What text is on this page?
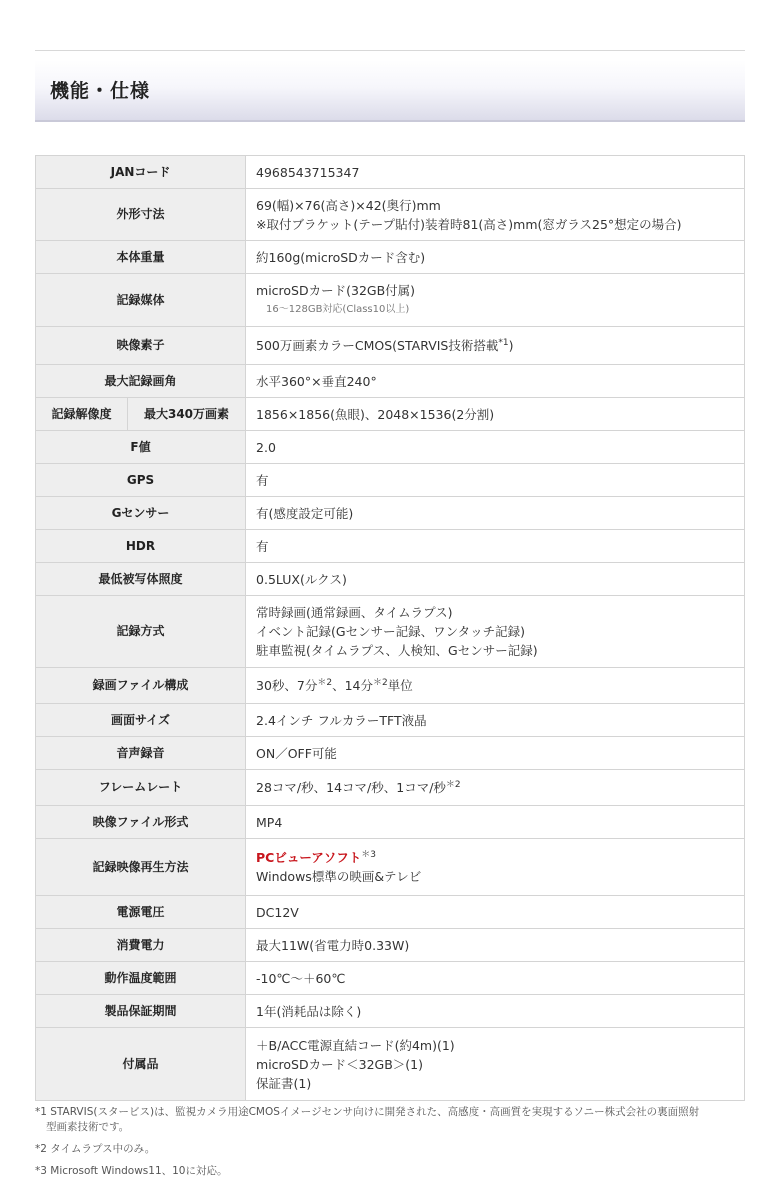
機能・仕様
JANコード		4968543715347
外形寸法		69(幅)×76(高さ)×42(奥行)mm
※取付ブラケット(テープ貼付)装着時81(高さ)mm(窓ガラス25°想定の場合)

本体重量		約160g(microSDカード含む)
記録媒体		microSDカード(32GB付属)
16～128GB対応(Class10以上)

映像素子		500万画素カラーCMOS(STARVIS技術搭載$^{*1}$)
最大記録画角		水平360°×垂直240°
記録解像度	最大340万画素	1856×1856(魚眼)、2048×1536(2分割)
F値		2.0
GPS		有
Gセンサー		有(感度設定可能)
HDR		有
最低被写体照度		0.5LUX(ルクス)
記録方式		常時録画(通常録画、タイムラプス)
イベント記録(Gセンサー記録、ワンタッチ記録)
駐車監視(タイムラプス、人検知、Gセンサー記録)

録画ファイル構成		30秒、7分$^{*2}$、14分$^{*2}$単位
画面サイズ		2.4インチ フルカラーTFT液晶
音声録音		ON／OFF可能
フレームレート		28コマ/秒、14コマ/秒、1コマ/秒$^{*2}$
映像ファイル形式		MP4
記録映像再生方法		PCビューアソフト$^{*3}$
Windows標準の映画&テレビ

電源電圧		DC12V
消費電力		最大11W(省電力時0.33W)
動作温度範囲		-10℃～＋60℃
製品保証期間		1年(消耗品は除く)
付属品		＋B/ACC電源直結コード(約4m)(1)
microSDカード＜32GB＞(1)
保証書(1)

*1 STARVIS(スタービス)は、監視カメラ用途CMOSイメージセンサ向けに開発された、高感度・高画質を実現するソニー株式会社の裏面照射
型画素技術です。

*2 タイムラプス中のみ。

*3 Microsoft Windows11、10に対応。
